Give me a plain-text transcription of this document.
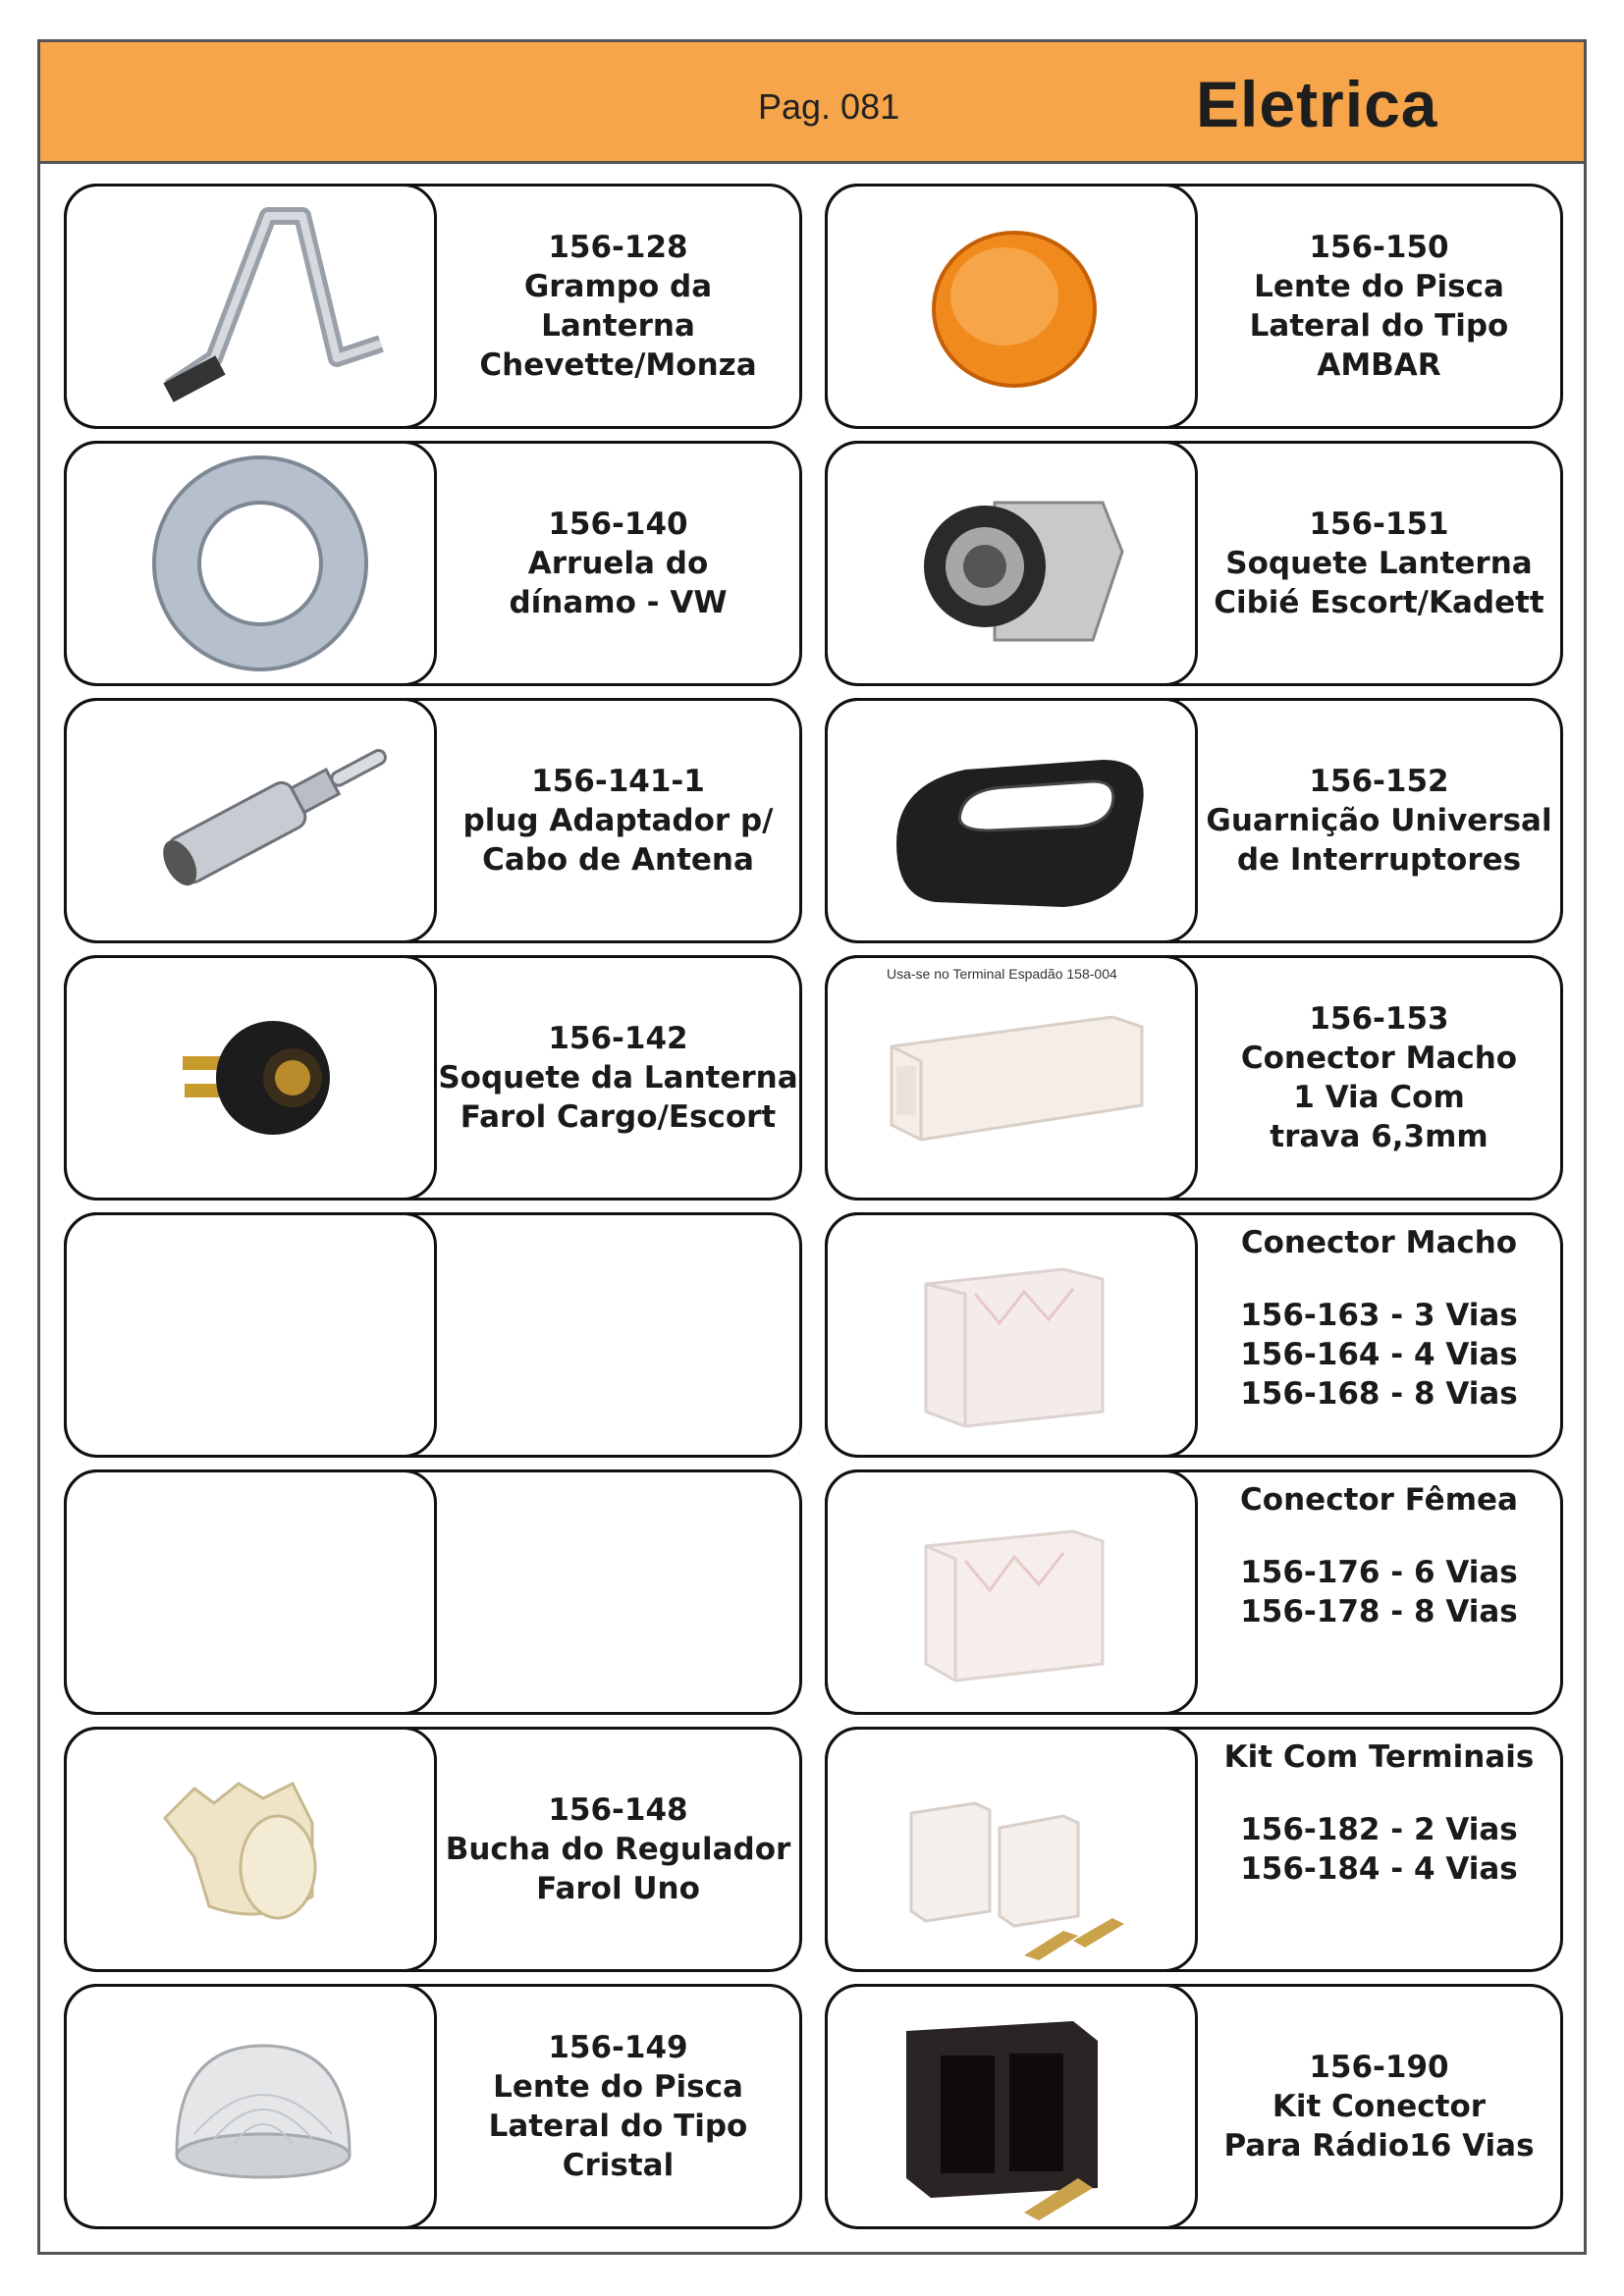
Pag. 081	Eletrica
156-128
Grampo da
Lanterna
Chevette/Monza
156-140
Arruela do
dínamo - VW
156-141-1
plug Adaptador p/
Cabo de Antena
156-142
Soquete da Lanterna
Farol Cargo/Escort
156-148
Bucha do Regulador
Farol Uno
156-149
Lente do Pisca
Lateral do Tipo
Cristal
156-150
Lente do Pisca
Lateral do Tipo
AMBAR
156-151
Soquete Lanterna
Cibié Escort/Kadett
156-152
Guarnição Universal
de Interruptores
Usa-se no Terminal Espadão 158-004
156-153
Conector Macho
1 Via Com
trava 6,3mm
Conector Macho
156-163 - 3 Vias
156-164 - 4 Vias
156-168 - 8 Vias
Conector Fêmea
156-176 - 6 Vias
156-178 - 8 Vias
Kit Com Terminais
156-182 - 2 Vias
156-184 - 4 Vias
156-190
Kit Conector
Para Rádio16 Vias
